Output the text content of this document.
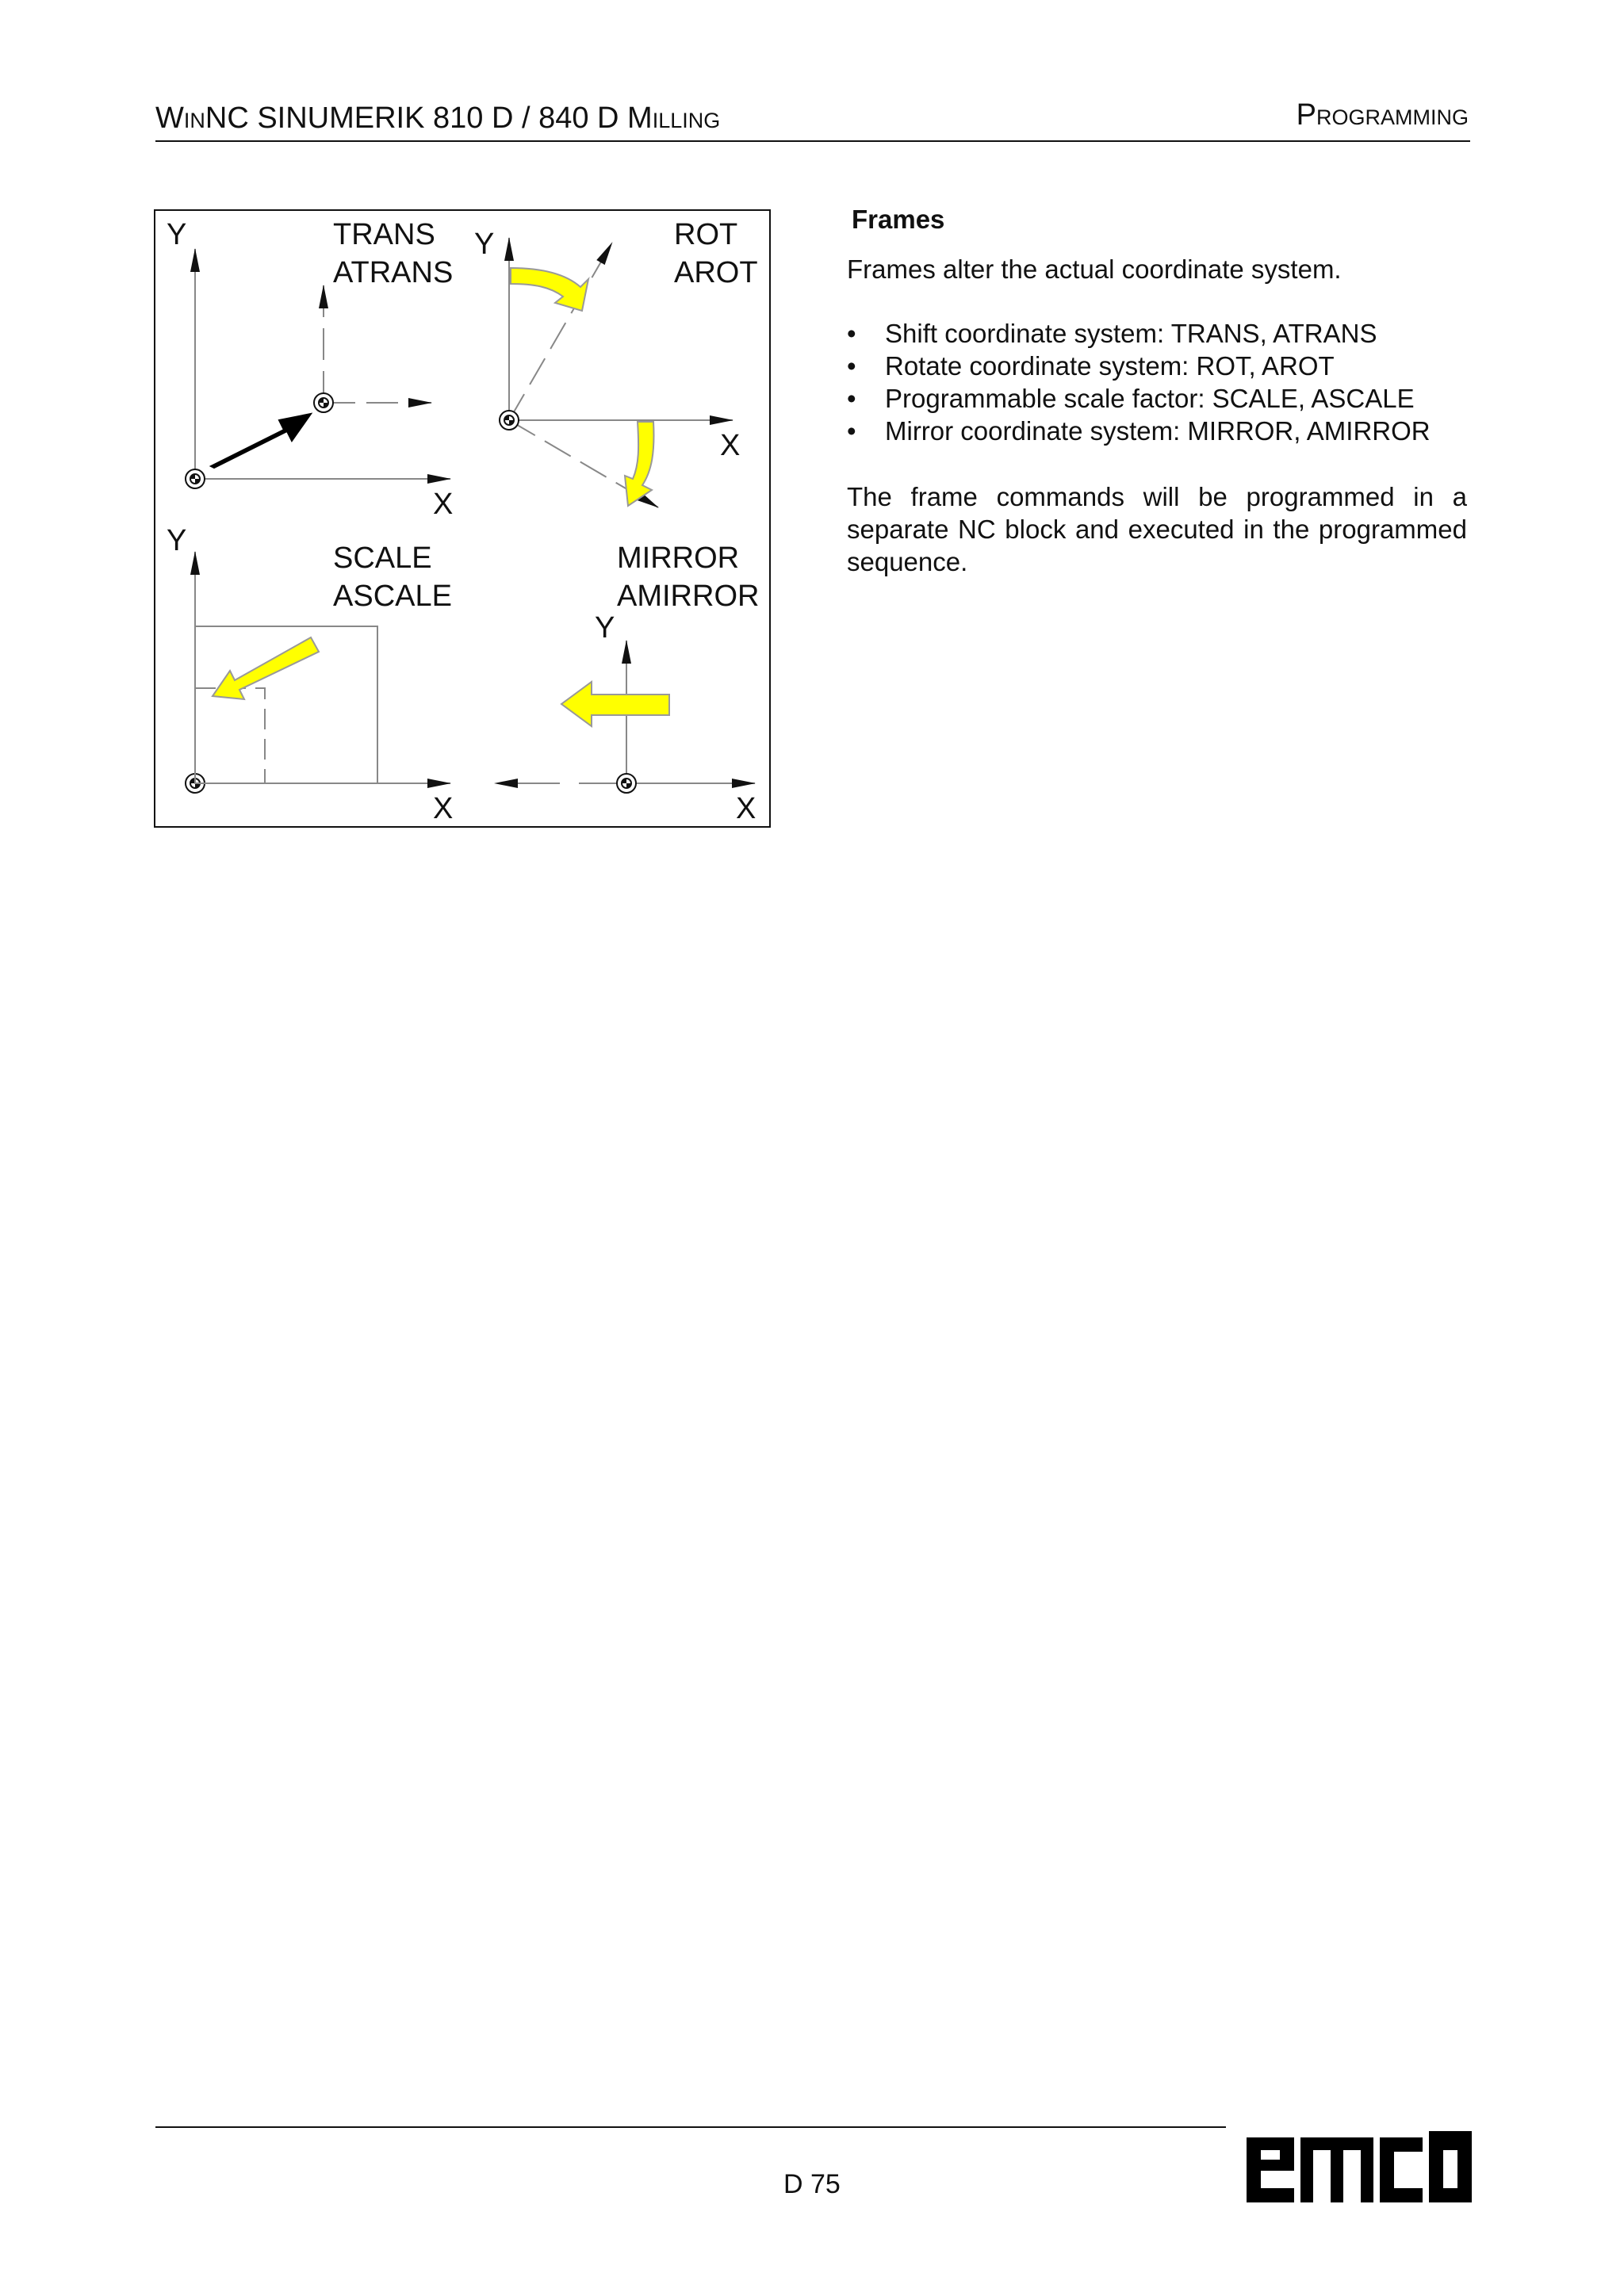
WINNC SINUMERIK 810 D / 840 D MILLING	PROGRAMMING
Y
X
TRANS
ATRANS
Y
X
ROT
AROT
Y
X
SCALE
ASCALE
Y
X
MIRROR
AMIRROR
Frames

Frames alter the actual coordinate system.

• Shift coordinate system: TRANS, ATRANS
• Rotate coordinate system: ROT, AROT
• Programmable scale factor: SCALE, ASCALE
• Mirror coordinate system: MIRROR, AMIRROR

The frame commands will be programmed in a separate NC block and executed in the programmed sequence.

D 75
